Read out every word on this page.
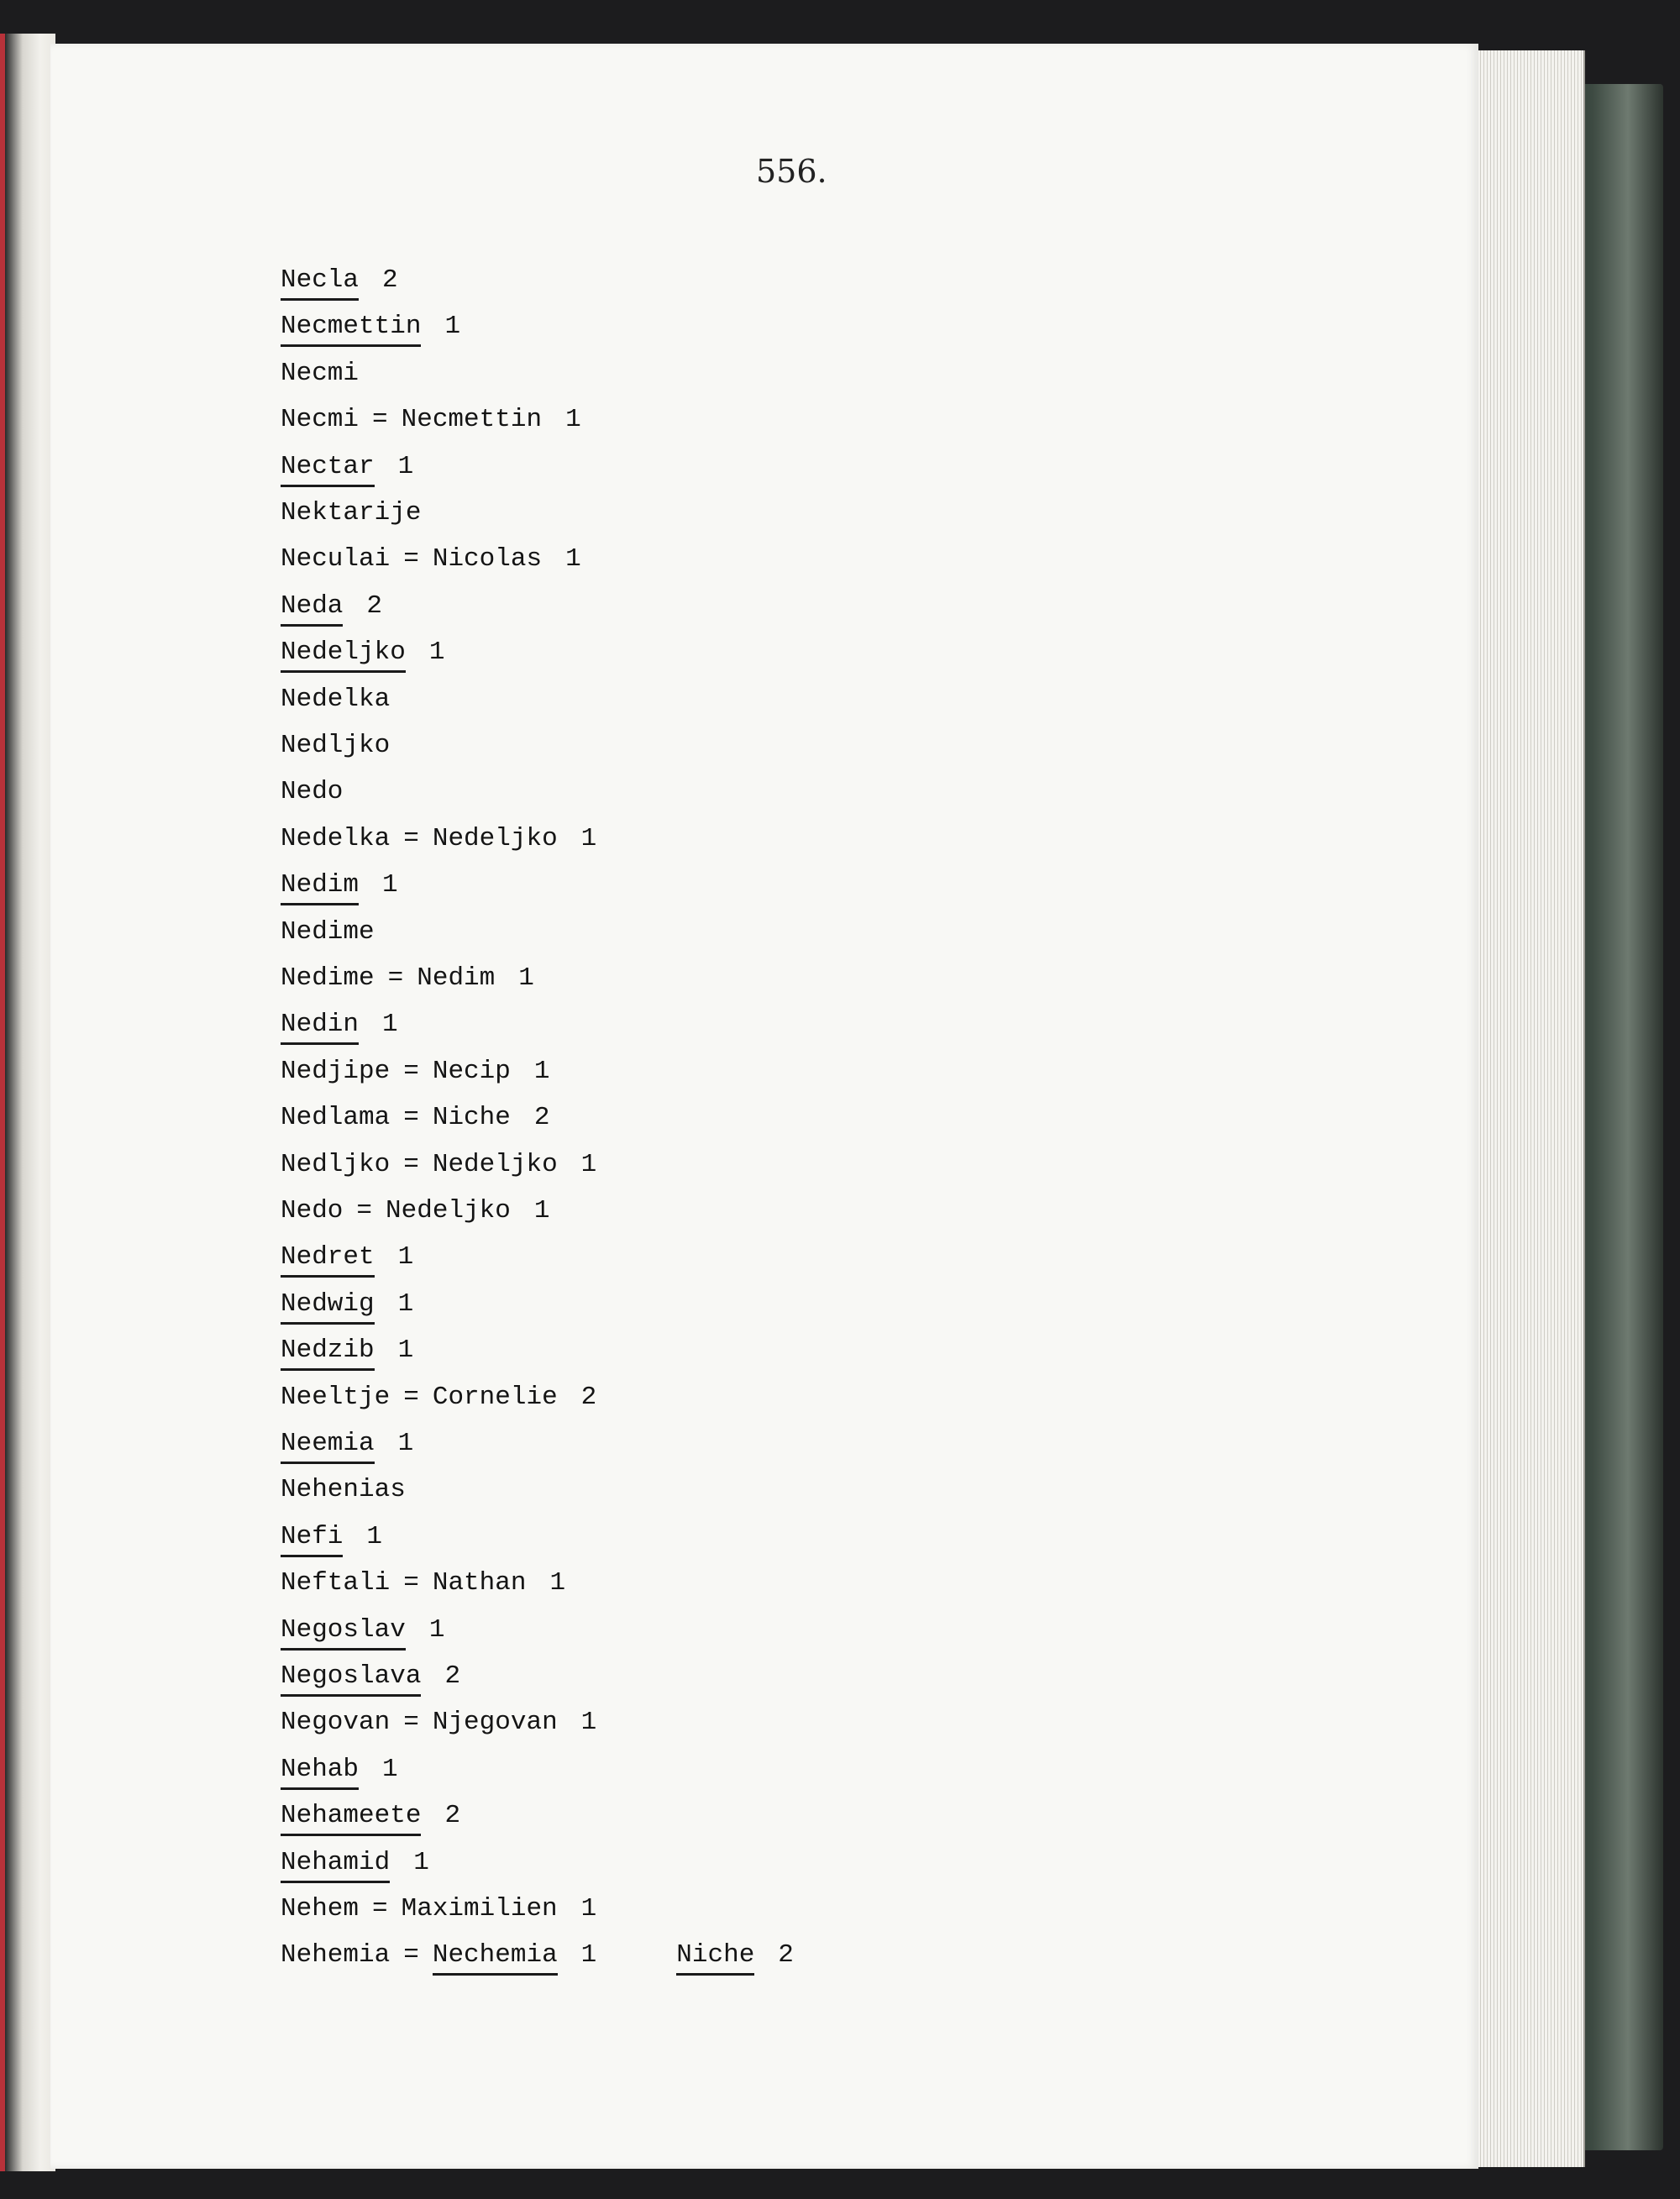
556.
Necla 2
Necmettin 1
Necmi
Necmi = Necmettin 1
Nectar 1
Nektarije
Neculai = Nicolas 1
Neda 2
Nedeljko 1
Nedelka
Nedljko
Nedo
Nedelka = Nedeljko 1
Nedim 1
Nedime
Nedime = Nedim 1
Nedin 1
Nedjipe = Necip 1
Nedlama = Niche 2
Nedljko = Nedeljko 1
Nedo = Nedeljko 1
Nedret 1
Nedwig 1
Nedzib 1
Neeltje = Cornelie 2
Neemia 1
Nehenias
Nefi 1
Neftali = Nathan 1
Negoslav 1
Negoslava 2
Negovan = Njegovan 1
Nehab 1
Nehameete 2
Nehamid 1
Nehem = Maximilien 1
Nehemia = Nechemia 1	Niche 2
